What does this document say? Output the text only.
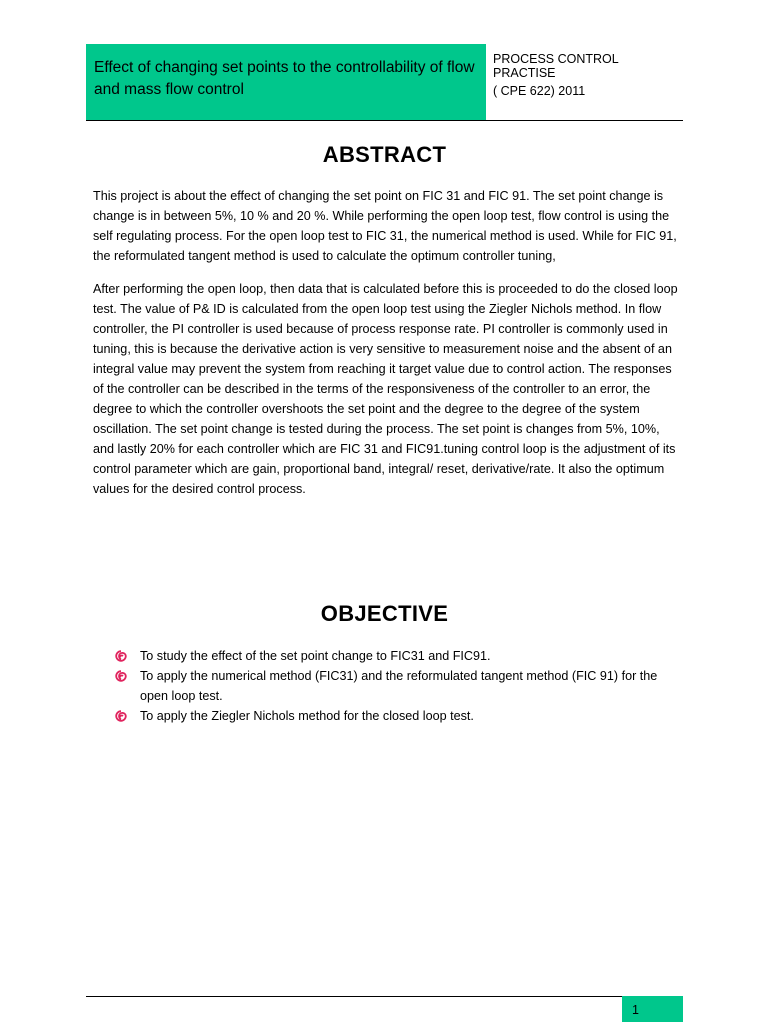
Effect of changing set points to the controllability of flow and mass flow control
PROCESS CONTROL PRACTISE
( CPE 622) 2011
ABSTRACT

This project is about the effect of changing the set point on FIC 31 and FIC 91. The set point change is change is in between 5%, 10 % and 20 %. While performing the open loop test, flow control is using the self regulating process. For the open loop test to FIC 31, the numerical method is used. While for FIC 91, the reformulated tangent method is used to calculate the optimum controller tuning,

After performing the open loop, then data that is calculated before this is proceeded to do the closed loop test. The value of P& ID is calculated from the open loop test using the Ziegler Nichols method. In flow controller, the PI controller is used because of process response rate. PI controller is commonly used in tuning, this is because the derivative action is very sensitive to measurement noise and the absent of an integral value may prevent the system from reaching it target value due to control action. The responses of the controller can be described in the terms of the responsiveness of the controller to an error, the degree to which the controller overshoots the set point and the degree to the degree of the system oscillation. The set point change is tested during the process. The set point is changes from 5%, 10%, and lastly 20% for each controller which are FIC 31 and FIC91.tuning control loop is the adjustment of its control parameter which are gain, proportional band, integral/ reset, derivative/rate. It also the optimum values for the desired control process.

OBJECTIVE
To study the effect of the set point change to FIC31 and FIC91.
To apply the numerical method (FIC31) and the reformulated tangent method (FIC 91) for the open loop test.
To apply the Ziegler Nichols method for the closed loop test.
1
